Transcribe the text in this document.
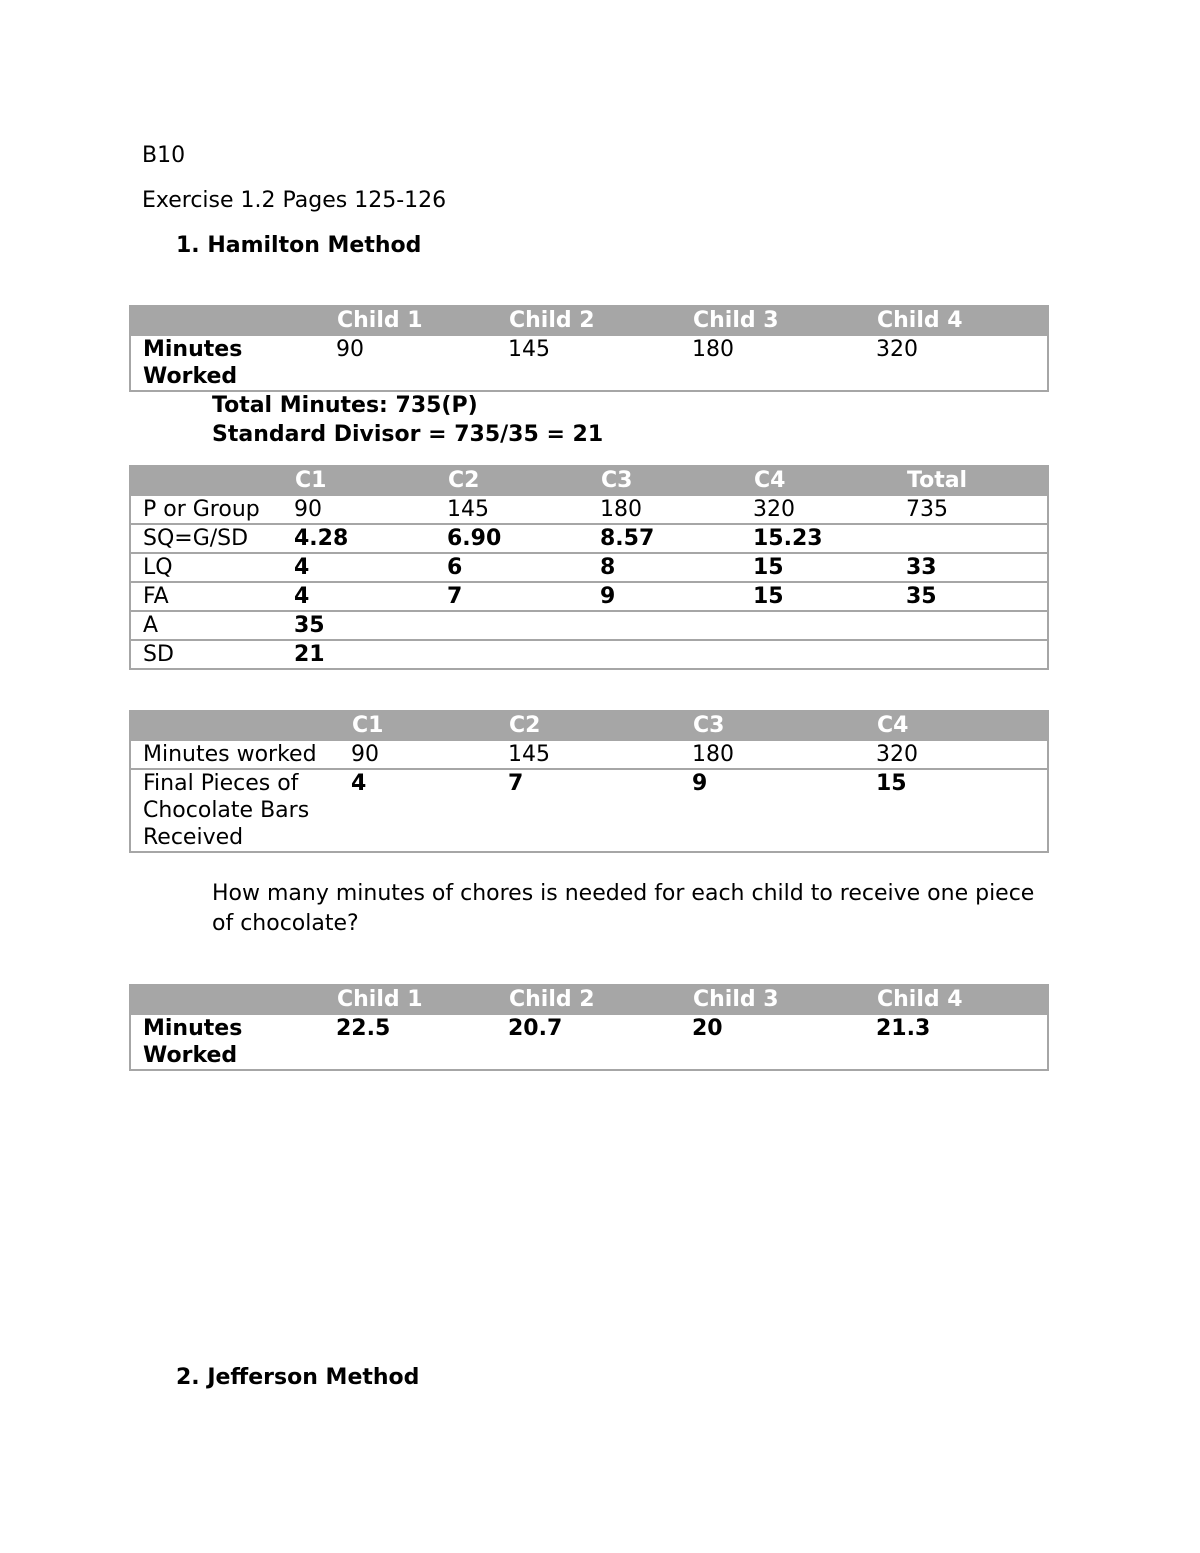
B10
Exercise 1.2 Pages 125-126
1. Hamilton Method
	Child 1	Child 2	Child 3	Child 4
Minutes Worked	90	145	180	320
Total Minutes: 735(P)
Standard Divisor = 735/35 = 21
	C1	C2	C3	C4	Total
P or Group	90	145	180	320	735
SQ=G/SD	4.28	6.90	8.57	15.23	
LQ	4	6	8	15	33
FA	4	7	9	15	35
A	35				
SD	21				
	C1	C2	C3	C4
Minutes worked	90	145	180	320
Final Pieces of Chocolate Bars Received	4	7	9	15
How many minutes of chores is needed for each child to receive one piece of chocolate?
	Child 1	Child 2	Child 3	Child 4
Minutes Worked	22.5	20.7	20	21.3
2. Jefferson Method
